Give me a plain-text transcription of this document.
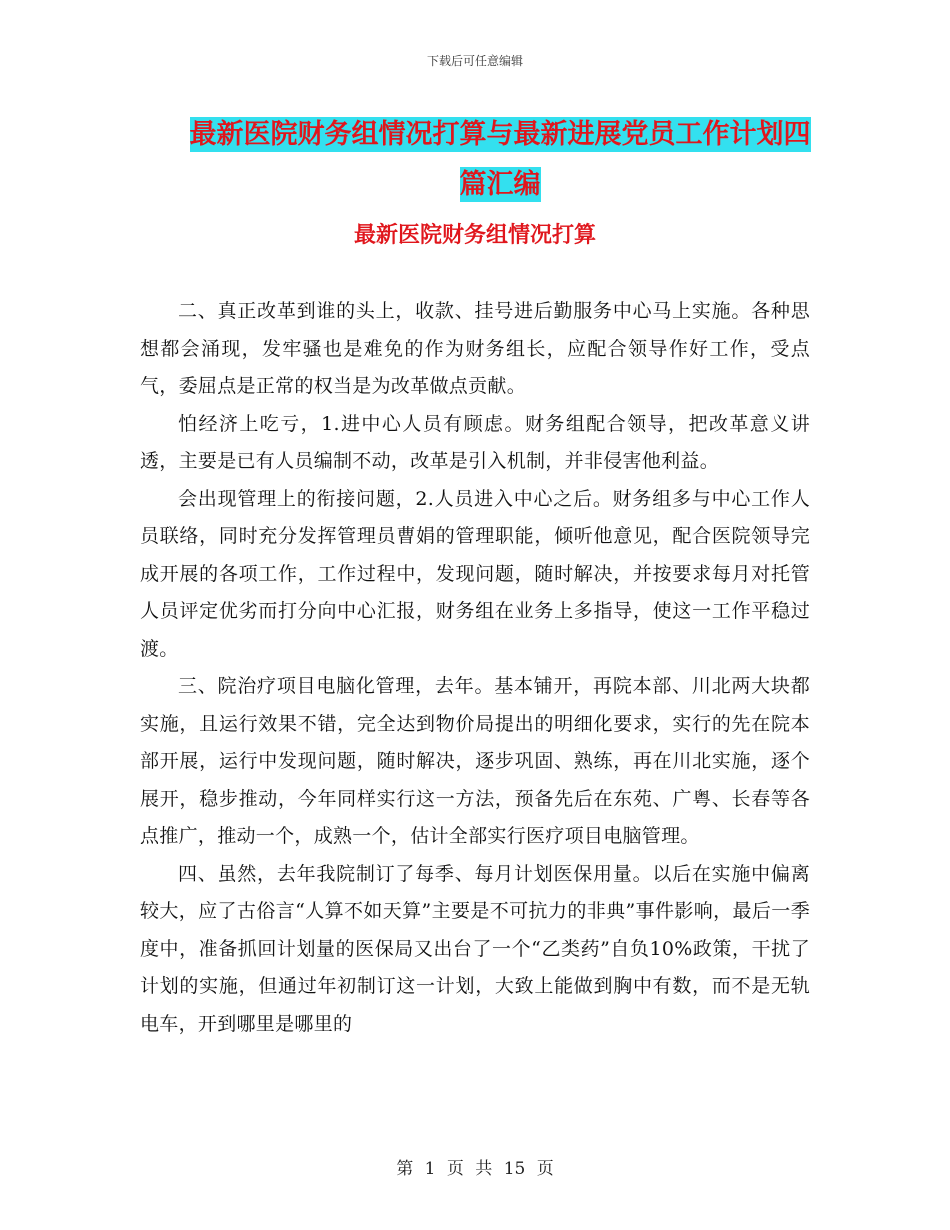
下载后可任意编辑
最新医院财务组情况打算与最新进展党员工作计划四
篇汇编
最新医院财务组情况打算

二、真正改革到谁的头上，收款、挂号进后勤服务中心马上实施。各种思想都会涌现，发牢骚也是难免的作为财务组长，应配合领导作好工作，受点气，委屈点是正常的权当是为改革做点贡献。

怕经济上吃亏，1.进中心人员有顾虑。财务组配合领导，把改革意义讲透，主要是已有人员编制不动，改革是引入机制，并非侵害他利益。

会出现管理上的衔接问题，2.人员进入中心之后。财务组多与中心工作人员联络，同时充分发挥管理员曹娟的管理职能，倾听他意见，配合医院领导完成开展的各项工作，工作过程中，发现问题，随时解决，并按要求每月对托管人员评定优劣而打分向中心汇报，财务组在业务上多指导，使这一工作平稳过渡。

三、院治疗项目电脑化管理，去年。基本铺开，再院本部、川北两大块都实施，且运行效果不错，完全达到物价局提出的明细化要求，实行的先在院本部开展，运行中发现问题，随时解决，逐步巩固、熟练，再在川北实施，逐个展开，稳步推动，今年同样实行这一方法，预备先后在东苑、广粤、长春等各点推广，推动一个，成熟一个，估计全部实行医疗项目电脑管理。

四、虽然，去年我院制订了每季、每月计划医保用量。以后在实施中偏离较大，应了古俗言“人算不如天算”主要是不可抗力的非典”事件影响，最后一季度中，准备抓回计划量的医保局又出台了一个“乙类药”自负10%政策，干扰了计划的实施，但通过年初制订这一计划，大致上能做到胸中有数，而不是无轨电车，开到哪里是哪里的

第 1 页 共 15 页
